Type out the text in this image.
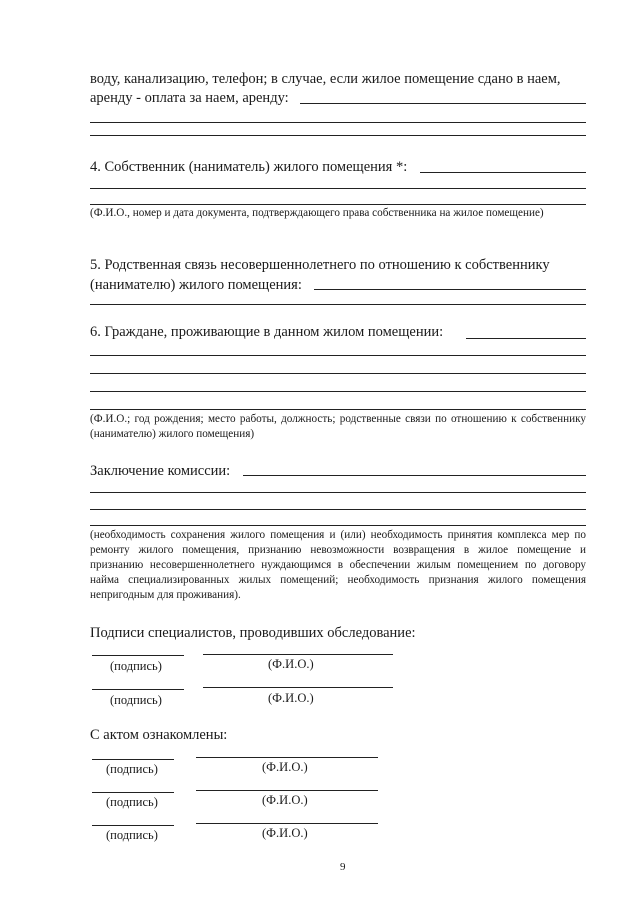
воду, канализацию, телефон; в случае, если жилое помещение сдано в наем,
аренду - оплата за наем, аренду:
4. Собственник (наниматель) жилого помещения *:
(Ф.И.О., номер и дата документа, подтверждающего права собственника на жилое помещение)
5. Родственная связь несовершеннолетнего по отношению к собственнику
(нанимателю) жилого помещения:
6. Граждане, проживающие в данном жилом помещении:
(Ф.И.О.; год рождения; место работы, должность; родственные связи по отношению к собственнику (нанимателю) жилого помещения)
Заключение комиссии:
(необходимость сохранения жилого помещения и (или) необходимость принятия комплекса мер по ремонту жилого помещения, признанию невозможности возвращения в жилое помещение и признанию несовершеннолетнего нуждающимся в обеспечении жилым помещением по договору найма специализированных жилых помещений; необходимость признания жилого помещения непригодным для проживания).
Подписи специалистов, проводивших обследование:
(подпись)	(Ф.И.О.)
(подпись)	(Ф.И.О.)
С актом ознакомлены:
(подпись)	(Ф.И.О.)
(подпись)	(Ф.И.О.)
(подпись)	(Ф.И.О.)
9
